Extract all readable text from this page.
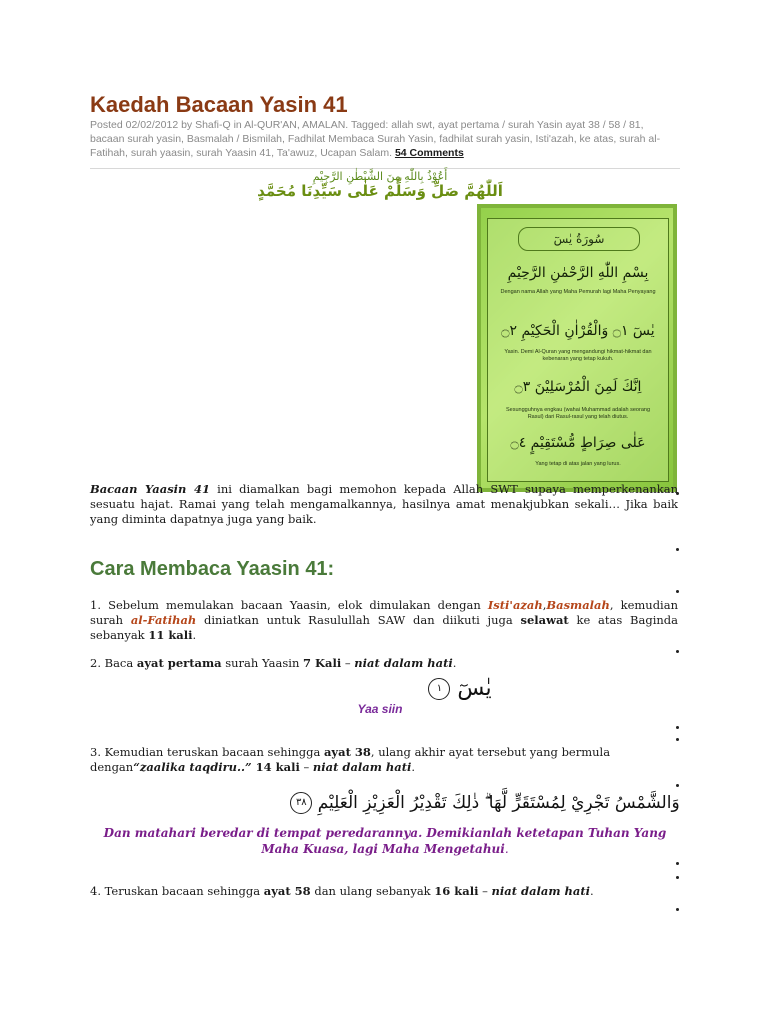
Kaedah Bacaan Yasin 41
Posted 02/02/2012 by Shafi-Q in Al-QUR'AN, AMALAN. Tagged: allah swt, ayat pertama / surah Yasin ayat 38 / 58 / 81, bacaan surah yasin, Basmalah / Bismilah, Fadhilat Membaca Surah Yasin, fadhilat surah yasin, Isti'azah, ke atas, surah al-Fatihah, surah yaasin, surah Yaasin 41, Ta'awuz, Ucapan Salam. 54 Comments
أَعُوْذُ بِاللّٰهِ مِنَ الشَّيْطٰنِ الرَّجِيْمِ
اَللّٰهُمَّ صَلِّ وَسَلِّمْ عَلٰى سَيِّدِنَا مُحَمَّدٍ
سُورَةُ يٰسٓ
بِسْمِ اللّٰهِ الرَّحْمٰنِ الرَّحِيْمِ
Dengan nama Allah yang Maha Pemurah lagi Maha Penyayang
يٰسٓ ۝١ وَالْقُرْاٰنِ الْحَكِيْمِ ۝٢
Yasin. Demi Al-Quran yang mengandungi hikmat-hikmat dan kebenaran yang tetap kukuh.
اِنَّكَ لَمِنَ الْمُرْسَلِيْنَ ۝٣
Sesungguhnya engkau (wahai Muhammad adalah seorang Rasul) dari Rasul-rasul yang telah diutus.
عَلٰى صِرَاطٍ مُّسْتَقِيْمٍ ۝٤
Yang tetap di atas jalan yang lurus.

Bacaan Yaasin 41 ini diamalkan bagi memohon kepada Allah SWT supaya memperkenankan sesuatu hajat. Ramai yang telah mengamalkannya, hasilnya amat menakjubkan sekali… Jika baik yang diminta dapatnya juga yang baik.

Cara Membaca Yaasin 41:

1. Sebelum memulakan bacaan Yaasin, elok dimulakan dengan Isti'azah,Basmalah, kemudian surah al-Fatihah diniatkan untuk Rasulullah SAW dan diikuti juga selawat ke atas Baginda sebanyak 11 kali.

2. Baca ayat pertama surah Yaasin 7 Kali – niat dalam hati.

يٰسٓ ١
Yaa siin

3. Kemudian teruskan bacaan sehingga ayat 38, ulang akhir ayat tersebut yang bermula dengan“zaalika taqdiru..” 14 kali – niat dalam hati.

وَالشَّمْسُ تَجْرِيْ لِمُسْتَقَرٍّ لَّهَا ۗ ذٰلِكَ تَقْدِيْرُ الْعَزِيْزِ الْعَلِيْمِ ٣٨
Dan matahari beredar di tempat peredarannya. Demikianlah ketetapan Tuhan Yang Maha Kuasa, lagi Maha Mengetahui.

4. Teruskan bacaan sehingga ayat 58 dan ulang sebanyak 16 kali – niat dalam hati.
